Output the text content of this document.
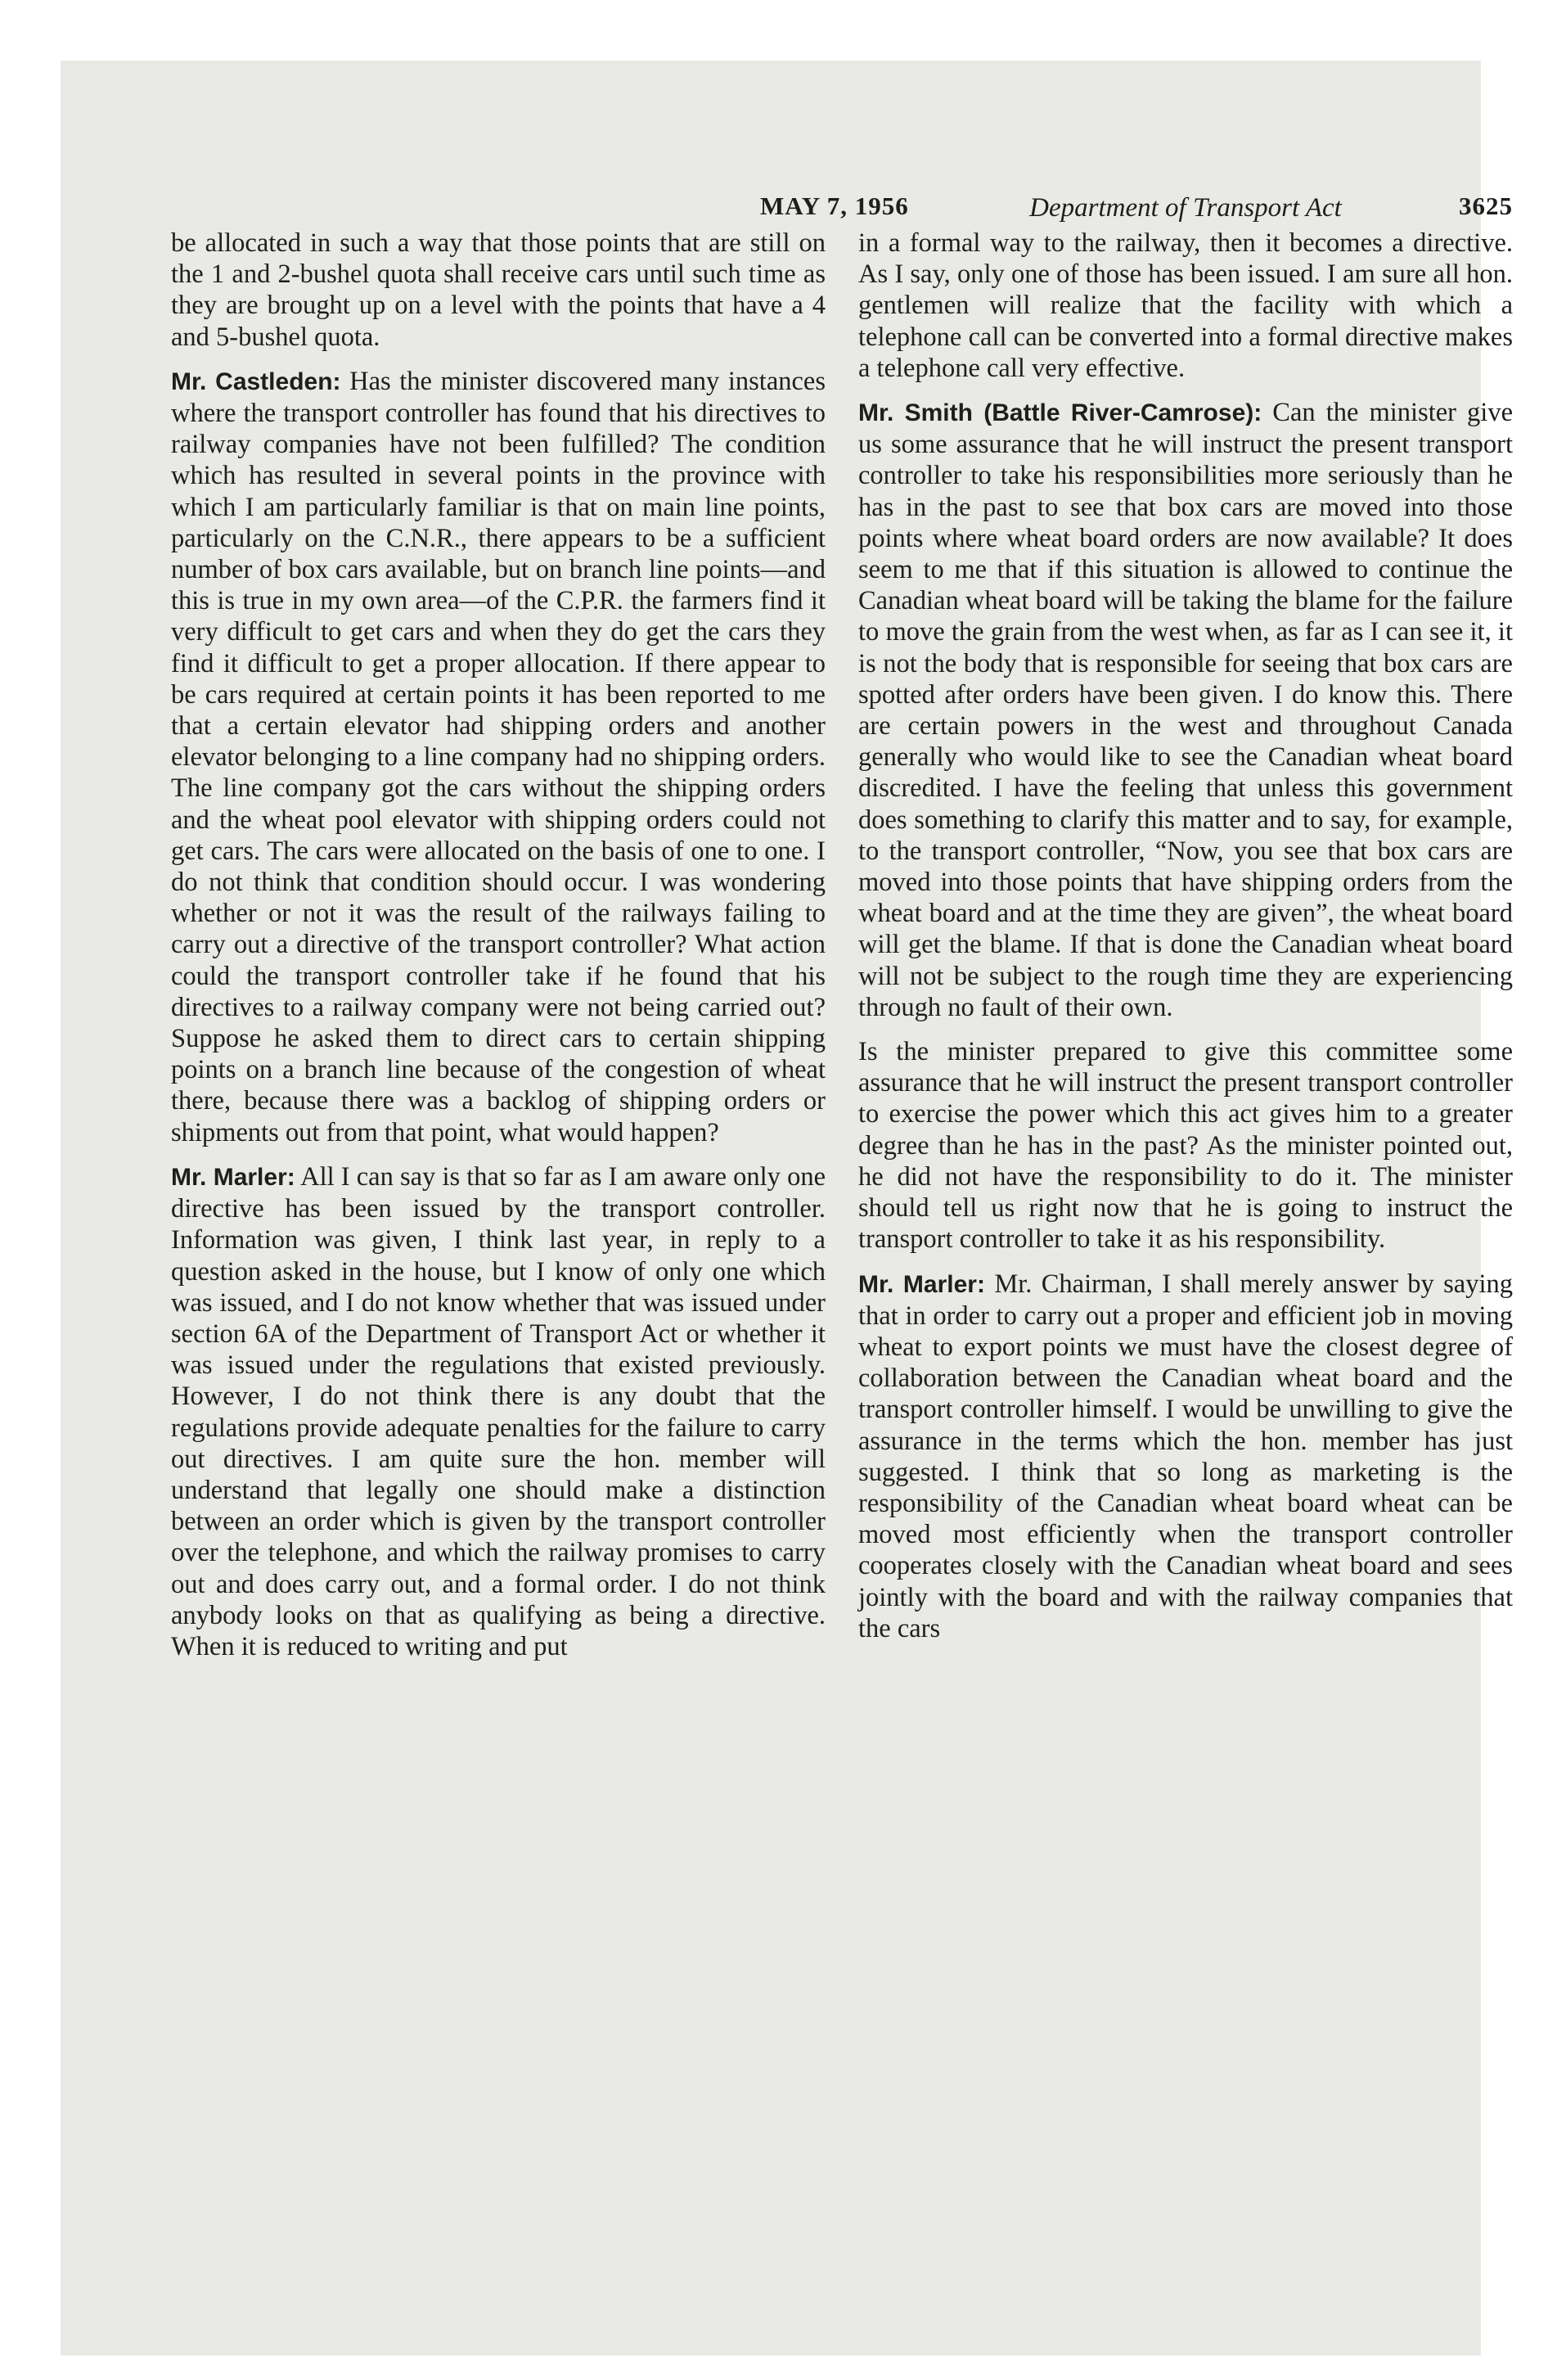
MAY 7, 1956	3625

be allocated in such a way that those points that are still on the 1 and 2-bushel quota shall receive cars until such time as they are brought up on a level with the points that have a 4 and 5-bushel quota.

Mr. Castleden: Has the minister discovered many instances where the transport controller has found that his directives to railway companies have not been fulfilled? The condition which has resulted in several points in the province with which I am particularly familiar is that on main line points, particularly on the C.N.R., there appears to be a sufficient number of box cars available, but on branch line points—and this is true in my own area—of the C.P.R. the farmers find it very difficult to get cars and when they do get the cars they find it difficult to get a proper allocation. If there appear to be cars required at certain points it has been reported to me that a certain elevator had shipping orders and another elevator belonging to a line company had no shipping orders. The line company got the cars without the shipping orders and the wheat pool elevator with shipping orders could not get cars. The cars were allocated on the basis of one to one. I do not think that condition should occur. I was wondering whether or not it was the result of the railways failing to carry out a directive of the transport controller? What action could the transport controller take if he found that his directives to a railway company were not being carried out? Suppose he asked them to direct cars to certain shipping points on a branch line because of the congestion of wheat there, because there was a backlog of shipping orders or shipments out from that point, what would happen?

Mr. Marler: All I can say is that so far as I am aware only one directive has been issued by the transport controller. Information was given, I think last year, in reply to a question asked in the house, but I know of only one which was issued, and I do not know whether that was issued under section 6A of the Department of Transport Act or whether it was issued under the regulations that existed previously. However, I do not think there is any doubt that the regulations provide adequate penalties for the failure to carry out directives. I am quite sure the hon. member will understand that legally one should make a distinction between an order which is given by the transport controller over the telephone, and which the railway promises to carry out and does carry out, and a formal order. I do not think anybody looks on that as qualifying as being a directive. When it is reduced to writing and put

Department of Transport Act

in a formal way to the railway, then it becomes a directive. As I say, only one of those has been issued. I am sure all hon. gentlemen will realize that the facility with which a telephone call can be converted into a formal directive makes a telephone call very effective.

Mr. Smith (Battle River-Camrose): Can the minister give us some assurance that he will instruct the present transport controller to take his responsibilities more seriously than he has in the past to see that box cars are moved into those points where wheat board orders are now available? It does seem to me that if this situation is allowed to continue the Canadian wheat board will be taking the blame for the failure to move the grain from the west when, as far as I can see it, it is not the body that is responsible for seeing that box cars are spotted after orders have been given. I do know this. There are certain powers in the west and throughout Canada generally who would like to see the Canadian wheat board discredited. I have the feeling that unless this government does something to clarify this matter and to say, for example, to the transport controller, “Now, you see that box cars are moved into those points that have shipping orders from the wheat board and at the time they are given”, the wheat board will get the blame. If that is done the Canadian wheat board will not be subject to the rough time they are experiencing through no fault of their own.

Is the minister prepared to give this committee some assurance that he will instruct the present transport controller to exercise the power which this act gives him to a greater degree than he has in the past? As the minister pointed out, he did not have the responsibility to do it. The minister should tell us right now that he is going to instruct the transport controller to take it as his responsibility.

Mr. Marler: Mr. Chairman, I shall merely answer by saying that in order to carry out a proper and efficient job in moving wheat to export points we must have the closest degree of collaboration between the Canadian wheat board and the transport controller himself. I would be unwilling to give the assurance in the terms which the hon. member has just suggested. I think that so long as marketing is the responsibility of the Canadian wheat board wheat can be moved most efficiently when the transport controller cooperates closely with the Canadian wheat board and sees jointly with the board and with the railway companies that the cars
